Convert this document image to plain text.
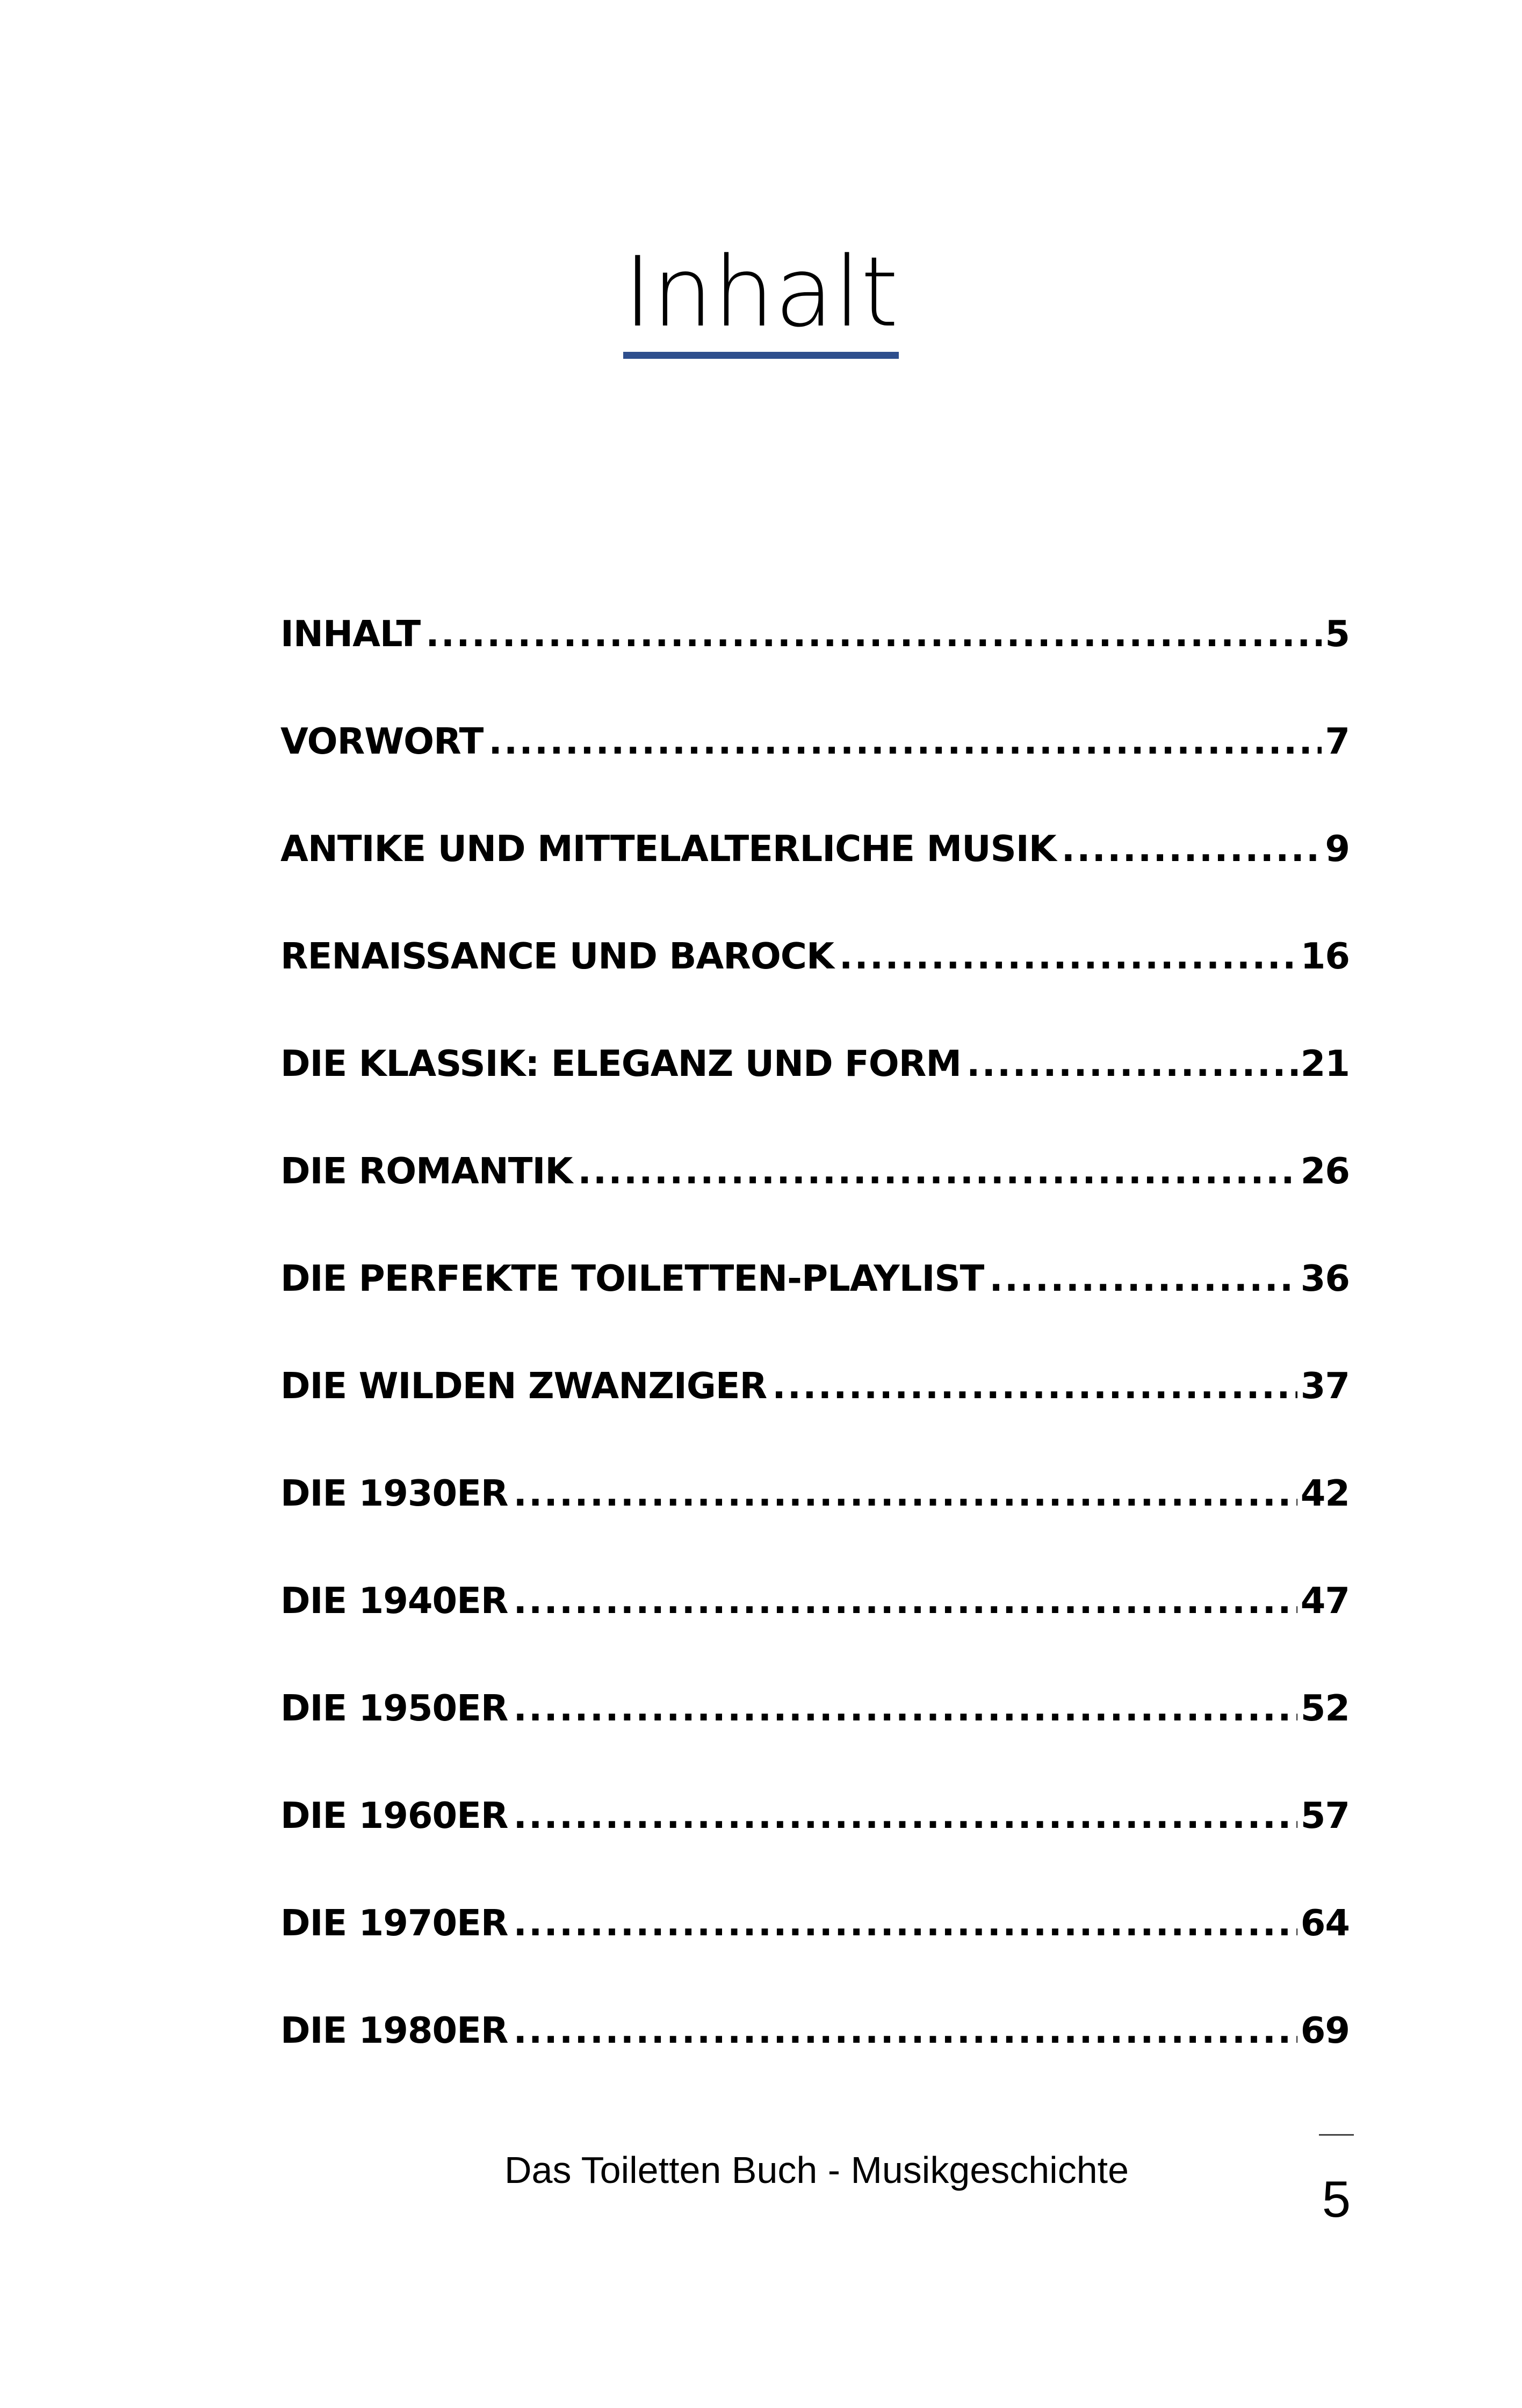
Inhalt
INHALT .....	5
VORWORT .....	7
ANTIKE UND MITTELALTERLICHE MUSIK .....	9
RENAISSANCE UND BAROCK .....	16
DIE KLASSIK: ELEGANZ UND FORM .....	21
DIE ROMANTIK .....	26
DIE PERFEKTE TOILETTEN-PLAYLIST .....	36
DIE WILDEN ZWANZIGER .....	37
DIE 1930ER .....	42
DIE 1940ER .....	47
DIE 1950ER .....	52
DIE 1960ER .....	57
DIE 1970ER .....	64
DIE 1980ER .....	69

Das Toiletten Buch - Musikgeschichte

5
